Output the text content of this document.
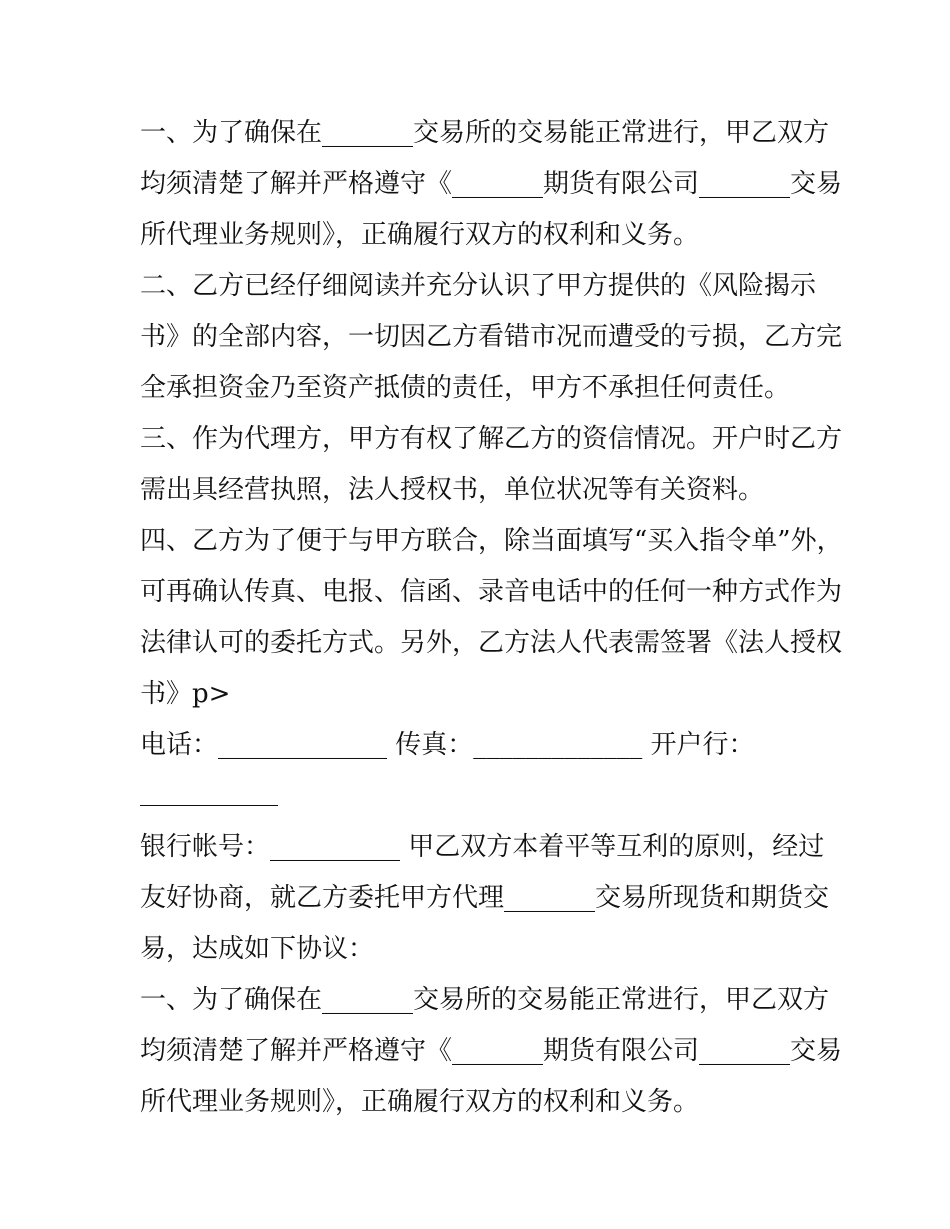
一、为了确保在_______交易所的交易能正常进行，甲乙双方
均须清楚了解并严格遵守《_______期货有限公司_______交易
所代理业务规则》，正确履行双方的权利和义务。
二、乙方已经仔细阅读并充分认识了甲方提供的《风险揭示
书》的全部内容，一切因乙方看错市况而遭受的亏损，乙方完
全承担资金乃至资产抵债的责任，甲方不承担任何责任。
三、作为代理方，甲方有权了解乙方的资信情况。开户时乙方
需出具经营执照，法人授权书，单位状况等有关资料。
四、乙方为了便于与甲方联合，除当面填写“买入指令单”外，
可再确认传真、电报、信函、录音电话中的任何一种方式作为
法律认可的委托方式。另外，乙方法人代表需签署《法人授权
书》p>
电话：_____________ 传真：_____________ 开户行：
银行帐号：__________ 甲乙双方本着平等互利的原则，经过
友好协商，就乙方委托甲方代理_______交易所现货和期货交
易，达成如下协议：
一、为了确保在_______交易所的交易能正常进行，甲乙双方
均须清楚了解并严格遵守《_______期货有限公司_______交易
所代理业务规则》，正确履行双方的权利和义务。
